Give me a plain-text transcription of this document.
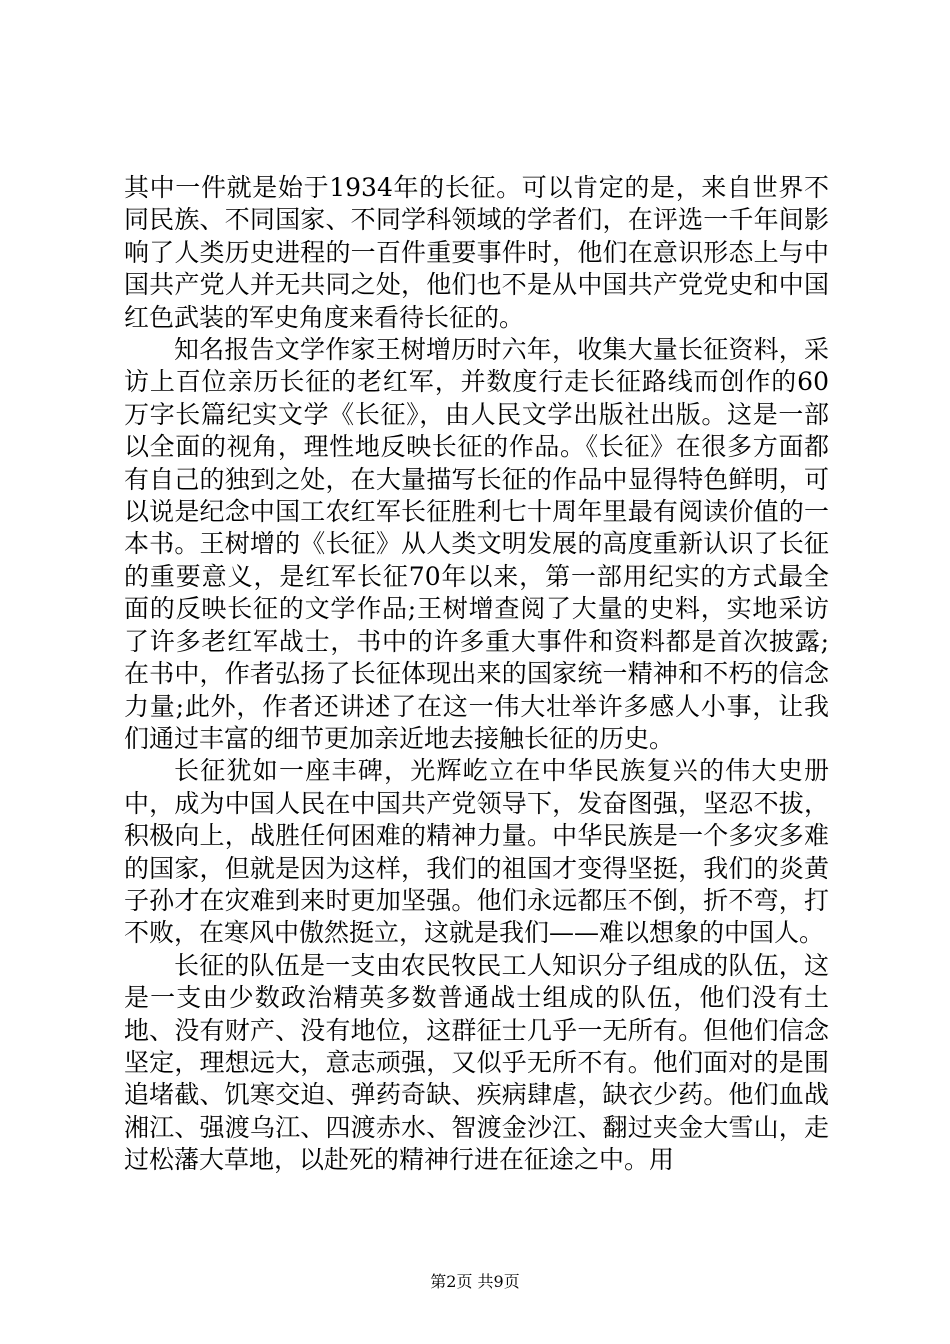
其中一件就是始于1934年的长征。可以肯定的是，来自世界不同民族、不同国家、不同学科领域的学者们，在评选一千年间影响了人类历史进程的一百件重要事件时，他们在意识形态上与中国共产党人并无共同之处，他们也不是从中国共产党党史和中国红色武装的军史角度来看待长征的。

知名报告文学作家王树增历时六年，收集大量长征资料，采访上百位亲历长征的老红军，并数度行走长征路线而创作的60万字长篇纪实文学《长征》，由人民文学出版社出版。这是一部以全面的视角，理性地反映长征的作品。《长征》在很多方面都有自己的独到之处，在大量描写长征的作品中显得特色鲜明，可以说是纪念中国工农红军长征胜利七十周年里最有阅读价值的一本书。王树增的《长征》从人类文明发展的高度重新认识了长征的重要意义，是红军长征70年以来，第一部用纪实的方式最全面的反映长征的文学作品;王树增查阅了大量的史料，实地采访了许多老红军战士，书中的许多重大事件和资料都是首次披露;在书中，作者弘扬了长征体现出来的国家统一精神和不朽的信念力量;此外，作者还讲述了在这一伟大壮举许多感人小事，让我们通过丰富的细节更加亲近地去接触长征的历史。

长征犹如一座丰碑，光辉屹立在中华民族复兴的伟大史册中，成为中国人民在中国共产党领导下，发奋图强，坚忍不拔，积极向上，战胜任何困难的精神力量。中华民族是一个多灾多难的国家，但就是因为这样，我们的祖国才变得坚挺，我们的炎黄子孙才在灾难到来时更加坚强。他们永远都压不倒，折不弯，打不败，在寒风中傲然挺立，这就是我们——难以想象的中国人。

长征的队伍是一支由农民牧民工人知识分子组成的队伍，这是一支由少数政治精英多数普通战士组成的队伍，他们没有土地、没有财产、没有地位，这群征士几乎一无所有。但他们信念坚定，理想远大，意志顽强，又似乎无所不有。他们面对的是围追堵截、饥寒交迫、弹药奇缺、疾病肆虐，缺衣少药。他们血战湘江、强渡乌江、四渡赤水、智渡金沙江、翻过夹金大雪山，走过松藩大草地，以赴死的精神行进在征途之中。用

第2页 共9页
